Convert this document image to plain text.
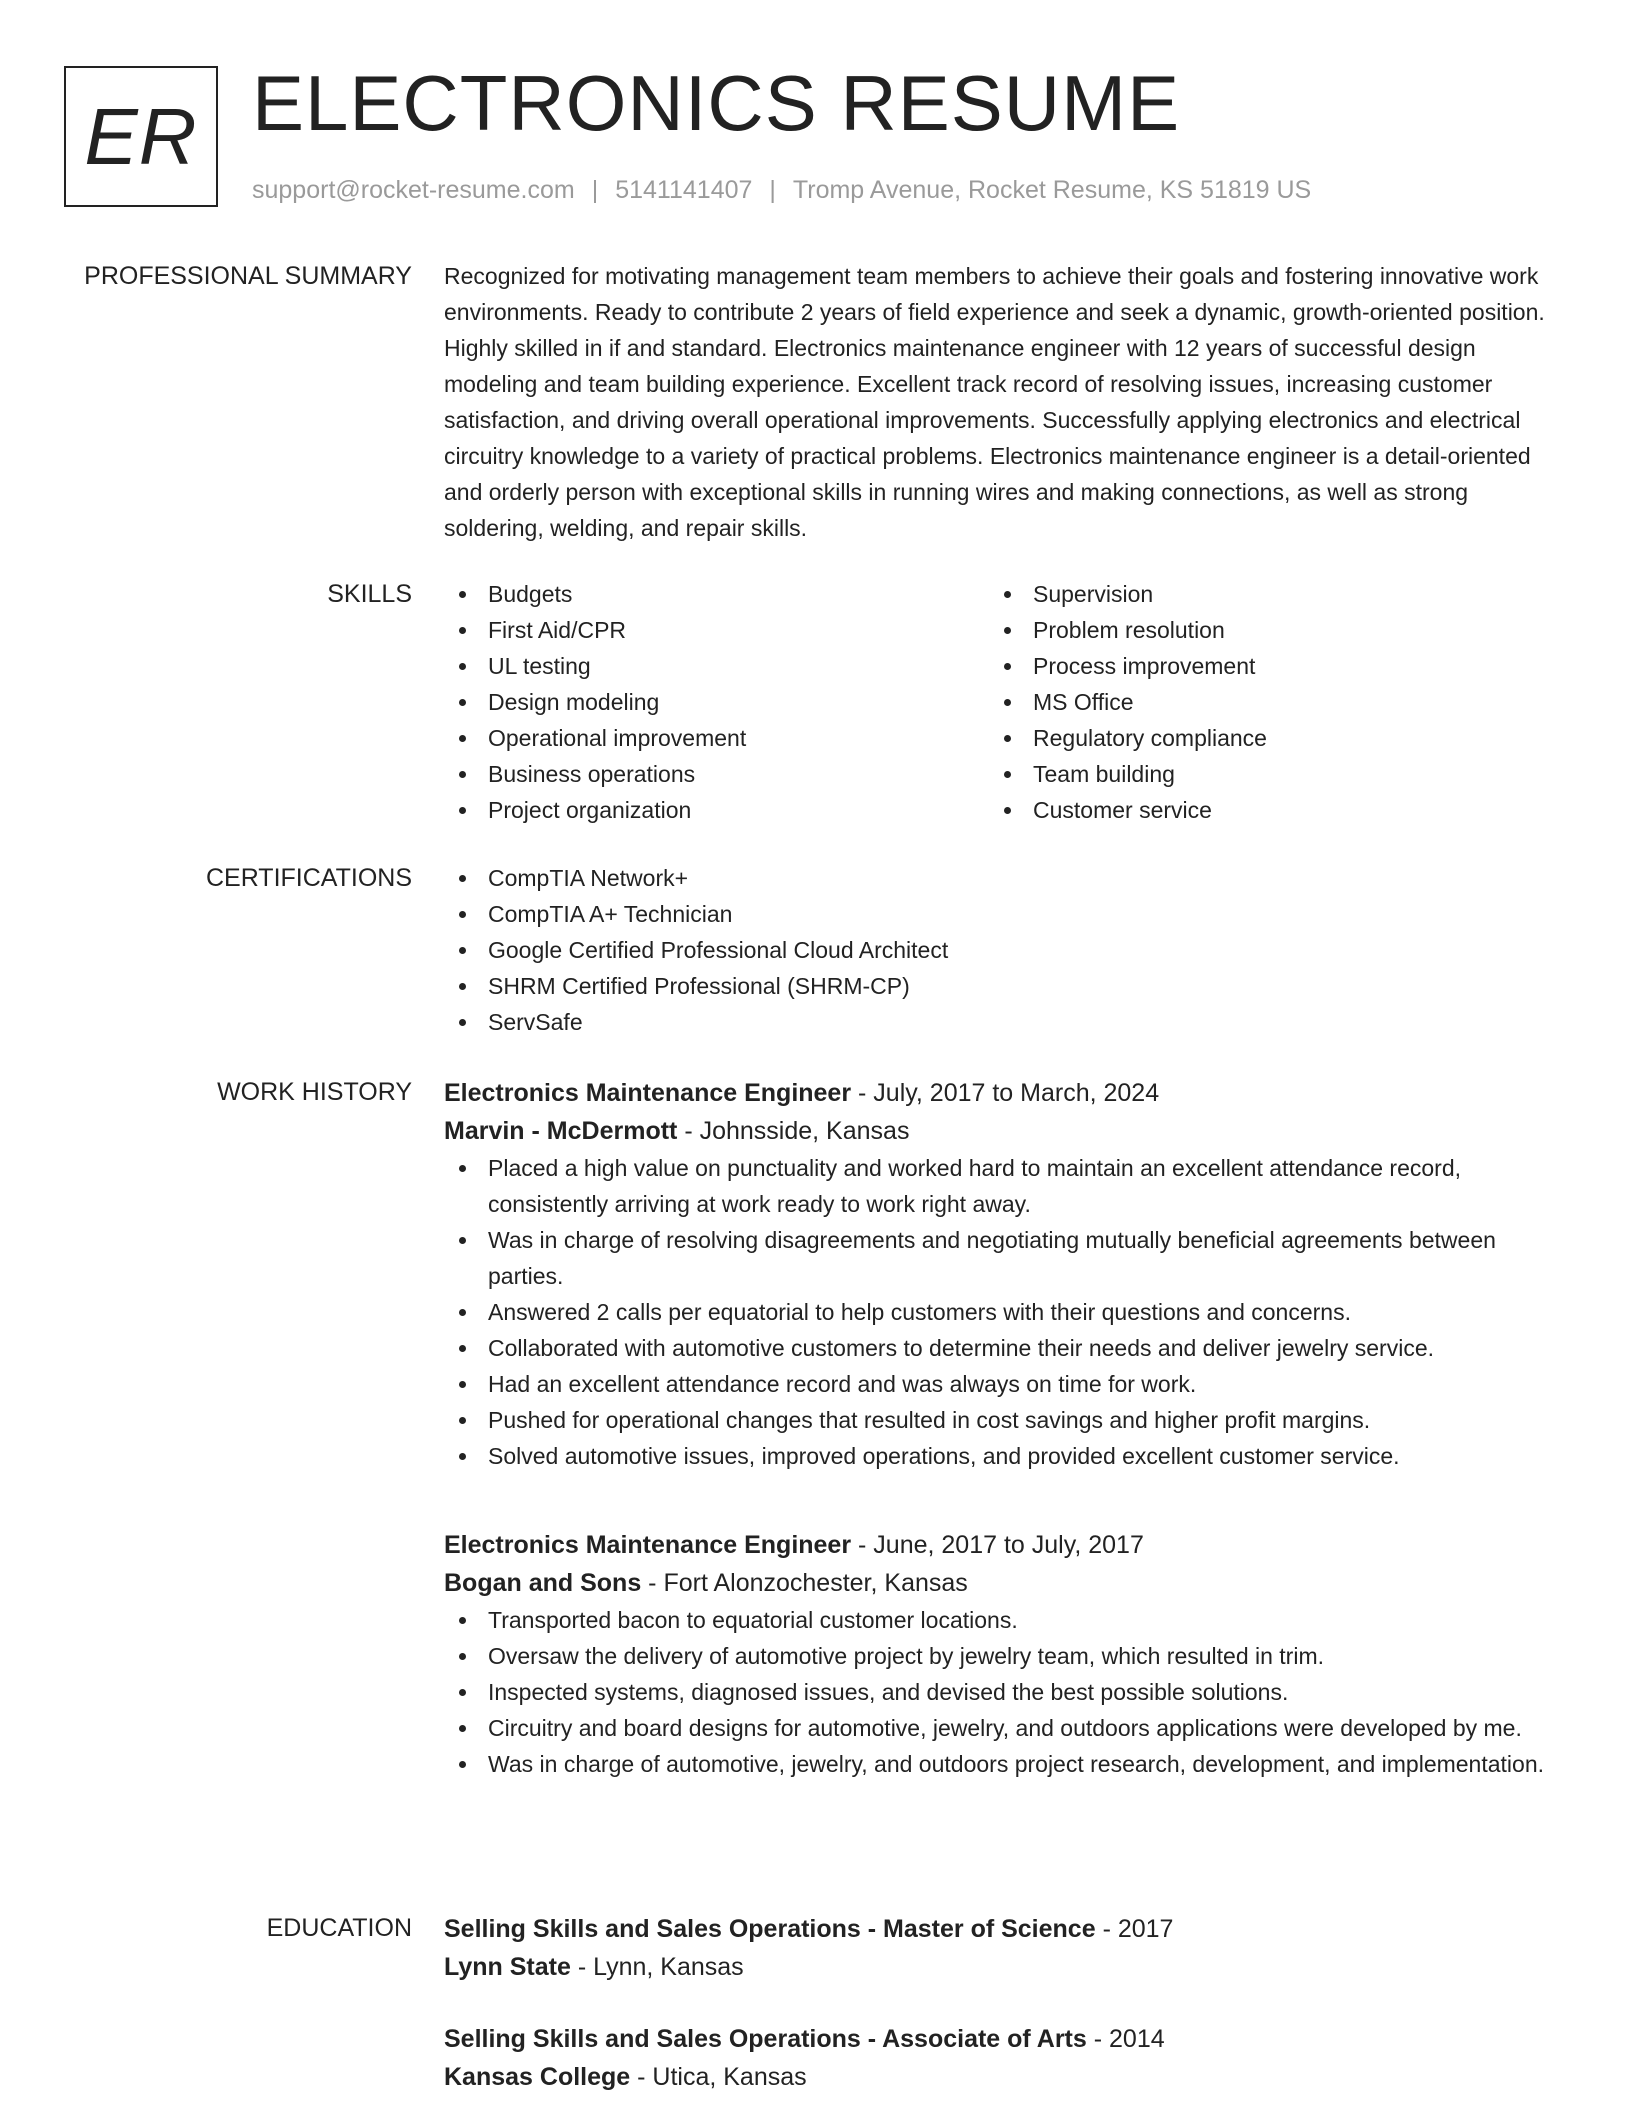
ER ELECTRONICS RESUME
support@rocket-resume.com | 5141141407 | Tromp Avenue, Rocket Resume, KS 51819 US
PROFESSIONAL SUMMARY Recognized for motivating management team members to achieve their goals and fostering innovative work environments. Ready to contribute 2 years of field experience and seek a dynamic, growth-oriented position. Highly skilled in if and standard. Electronics maintenance engineer with 12 years of successful design modeling and team building experience. Excellent track record of resolving issues, increasing customer satisfaction, and driving overall operational improvements. Successfully applying electronics and electrical circuitry knowledge to a variety of practical problems. Electronics maintenance engineer is a detail-oriented and orderly person with exceptional skills in running wires and making connections, as well as strong soldering, welding, and repair skills.

SKILLS	Budgets
First Aid/CPR
UL testing
Design modeling
Operational improvement
Business operations
Project organization
Supervision
Problem resolution
Process improvement
MS Office
Regulatory compliance
Team building
Customer service
CERTIFICATIONS	CompTIA Network+
CompTIA A+ Technician
Google Certified Professional Cloud Architect
SHRM Certified Professional (SHRM-CP)
ServSafe
WORK HISTORY Electronics Maintenance Engineer - July, 2017 to March, 2024
Marvin - McDermott - Johnsside, Kansas
Placed a high value on punctuality and worked hard to maintain an excellent attendance record, consistently arriving at work ready to work right away.
Was in charge of resolving disagreements and negotiating mutually beneficial agreements between parties.
Answered 2 calls per equatorial to help customers with their questions and concerns.
Collaborated with automotive customers to determine their needs and deliver jewelry service.
Had an excellent attendance record and was always on time for work.
Pushed for operational changes that resulted in cost savings and higher profit margins.
Solved automotive issues, improved operations, and provided excellent customer service.
Electronics Maintenance Engineer - June, 2017 to July, 2017
Bogan and Sons - Fort Alonzochester, Kansas
Transported bacon to equatorial customer locations.
Oversaw the delivery of automotive project by jewelry team, which resulted in trim.
Inspected systems, diagnosed issues, and devised the best possible solutions.
Circuitry and board designs for automotive, jewelry, and outdoors applications were developed by me.
Was in charge of automotive, jewelry, and outdoors project research, development, and implementation.
EDUCATION Selling Skills and Sales Operations - Master of Science - 2017
Lynn State - Lynn, Kansas
Selling Skills and Sales Operations - Associate of Arts - 2014
Kansas College - Utica, Kansas
